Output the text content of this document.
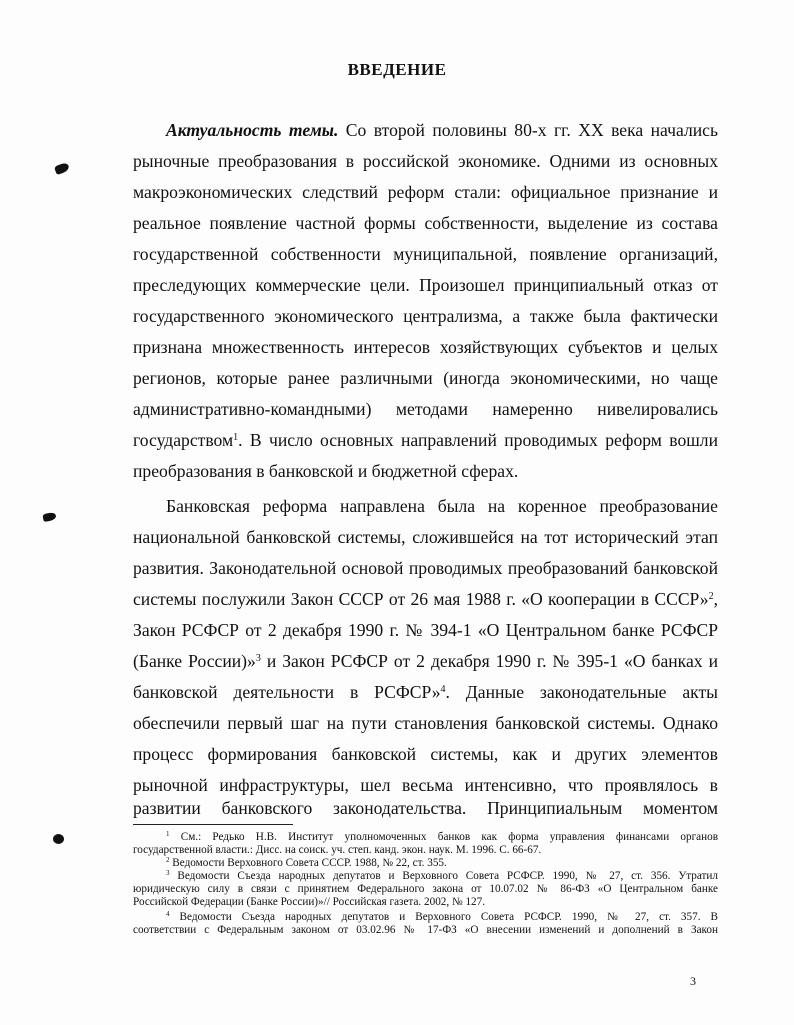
ВВЕДЕНИЕ
Актуальность темы. Со второй половины 80-х гг. XX века начались
рыночные преобразования в российской экономике. Одними из основных
макроэкономических следствий реформ стали: официальное признание и
реальное появление частной формы собственности, выделение из состава
государственной собственности муниципальной, появление организаций,
преследующих коммерческие цели. Произошел принципиальный отказ от
государственного экономического централизма, а также была фактически
признана множественность интересов хозяйствующих субъектов и целых
регионов, которые ранее различными (иногда экономическими, но чаще
административно-командными) методами намеренно нивелировались
государством$^1$. В число основных направлений проводимых реформ вошли
преобразования в банковской и бюджетной сферах.
Банковская реформа направлена была на коренное преобразование
национальной банковской системы, сложившейся на тот исторический этап
развития. Законодательной основой проводимых преобразований банковской
системы послужили Закон СССР от 26 мая 1988 г. «О кооперации в СССР»$^2$,
Закон РСФСР от 2 декабря 1990 г. № 394-1 «О Центральном банке РСФСР
(Банке России)»$^3$ и Закон РСФСР от 2 декабря 1990 г. № 395-1 «О банках и
банковской деятельности в РСФСР»$^4$. Данные законодательные акты
обеспечили первый шаг на пути становления банковской системы. Однако
процесс формирования банковской системы, как и других элементов
рыночной инфраструктуры, шел весьма интенсивно, что проявлялось в
развитии банковского законодательства. Принципиальным моментом
$^1$ См.: Редько Н.В. Институт уполномоченных банков как форма управления финансами органов
государственной власти.: Дисс. на соиск. уч. степ. канд. экон. наук. М. 1996. С. 66-67.
$^2$ Ведомости Верховного Совета СССР. 1988, № 22, ст. 355.
$^3$ Ведомости Съезда народных депутатов и Верховного Совета РСФСР. 1990, № 27, ст. 356. Утратил
юридическую силу в связи с принятием Федерального закона от 10.07.02 № 86-ФЗ «О Центральном банке
Российской Федерации (Банке России)»// Российская газета. 2002, № 127.
$^4$ Ведомости Съезда народных депутатов и Верховного Совета РСФСР. 1990, № 27, ст. 357. В
соответствии с Федеральным законом от 03.02.96 № 17-ФЗ «О внесении изменений и дополнений в Закон
3
